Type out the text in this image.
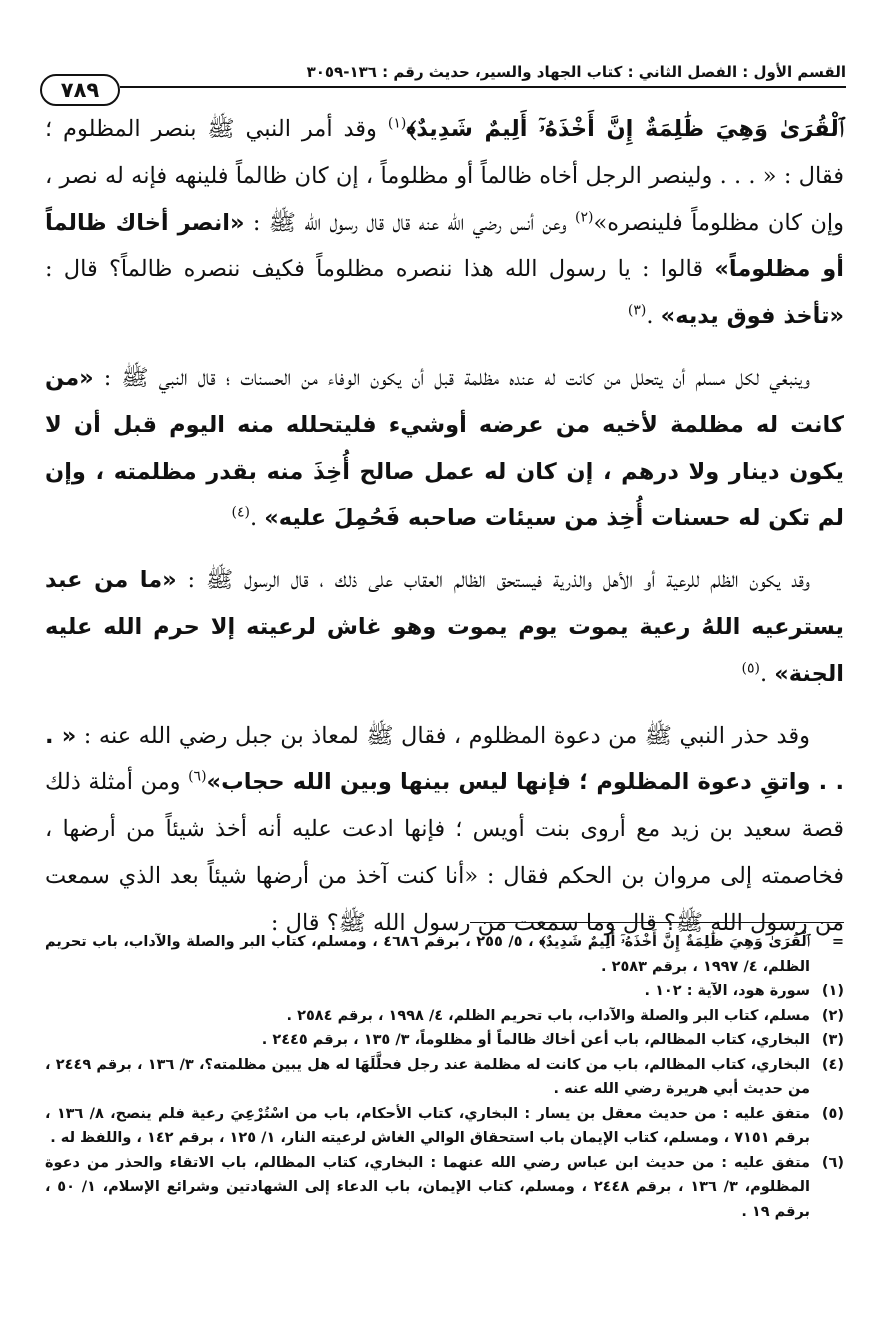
القسم الأول : الفصل الثاني : كتاب الجهاد والسير، حديث رقم : ١٣٦-٣٠٥٩
٧٨٩

ٱلْقُرَىٰ وَهِيَ ظَٰلِمَةٌ إِنَّ أَخْذَهُۥٓ أَلِيمٌ شَدِيدٌ﴾$^{(١)}$ وقد أمر النبي ﷺ بنصر المظلوم ؛ فقال : « . . . ولينصر الرجل أخاه ظالماً أو مظلوماً ، إن كان ظالماً فلينهه فإنه له نصر ، وإن كان مظلوماً فلينصره»$^{(٢)}$ وعن أنس رضي الله عنه قال قال رسول الله ﷺ : «انصر أخاك ظالماً أو مظلوماً» قالوا : يا رسول الله هذا ننصره مظلوماً فكيف ننصره ظالماً؟ قال : «تأخذ فوق يديه» .$^{(٣)}$

وينبغي لكل مسلم أن يتحلل من كانت له عنده مظلمة قبل أن يكون الوفاء من الحسنات ؛ قال النبي ﷺ : «من كانت له مظلمة لأخيه من عرضه أوشيء فليتحلله منه اليوم قبل أن لا يكون دينار ولا درهم ، إن كان له عمل صالح أُخِذَ منه بقدر مظلمته ، وإن لم تكن له حسنات أُخِذ من سيئات صاحبه فَحُمِلَ عليه» .$^{(٤)}$

وقد يكون الظلم للرعية أو الأهل والذرية فيستحق الظالم العقاب على ذلك ، قال الرسول ﷺ : «ما من عبد يسترعيه اللهُ رعية يموت يوم يموت وهو غاش لرعيته إلا حرم الله عليه الجنة» .$^{(٥)}$

وقد حذر النبي ﷺ من دعوة المظلوم ، فقال ﷺ لمعاذ بن جبل رضي الله عنه : « . . . واتقِ دعوة المظلوم ؛ فإنها ليس بينها وبين الله حجاب»$^{(٦)}$ ومن أمثلة ذلك قصة سعيد بن زيد مع أروى بنت أويس ؛ فإنها ادعت عليه أنه أخذ شيئاً من أرضها ، فخاصمته إلى مروان بن الحكم فقال : «أنا كنت آخذ من أرضها شيئاً بعد الذي سمعت من رسول الله ﷺ؟ قال وما سمعت من رسول الله ﷺ؟ قال :

=
ٱلْقُرَىٰ وَهِيَ ظَٰلِمَةٌ إِنَّ أَخْذَهُۥٓ أَلِيمٌ شَدِيدٌ﴾ ، ٥/ ٢٥٥ ، برقم ٤٦٨٦ ، ومسلم، كتاب البر والصلة والآداب، باب تحريم الظلم، ٤/ ١٩٩٧ ، برقم ٢٥٨٣ .
(١)
سورة هود، الآية : ١٠٢ .
(٢)
مسلم، كتاب البر والصلة والآداب، باب تحريم الظلم، ٤/ ١٩٩٨ ، برقم ٢٥٨٤ .
(٣)
البخاري، كتاب المظالم، باب أعن أخاك ظالماً أو مظلوماً، ٣/ ١٣٥ ، برقم ٢٤٤٥ .
(٤)
البخاري، كتاب المظالم، باب من كانت له مظلمة عند رجل فحلَّلَهَا له هل يبين مظلمته؟، ٣/ ١٣٦ ، برقم ٢٤٤٩ ، من حديث أبي هريرة رضي الله عنه .
(٥)
متفق عليه : من حديث معقل بن يسار : البخاري، كتاب الأحكام، باب من اسْتُرْعِيَ رعية فلم ينصح، ٨/ ١٣٦ ، برقم ٧١٥١ ، ومسلم، كتاب الإيمان باب استحقاق الوالي الغاش لرعيته النار، ١/ ١٢٥ ، برقم ١٤٢ ، واللفظ له .
(٦)
متفق عليه : من حديث ابن عباس رضي الله عنهما : البخاري، كتاب المظالم، باب الاتقاء والحذر من دعوة المظلوم، ٣/ ١٣٦ ، برقم ٢٤٤٨ ، ومسلم، كتاب الإيمان، باب الدعاء إلى الشهادتين وشرائع الإسلام، ١/ ٥٠ ، برقم ١٩ .
